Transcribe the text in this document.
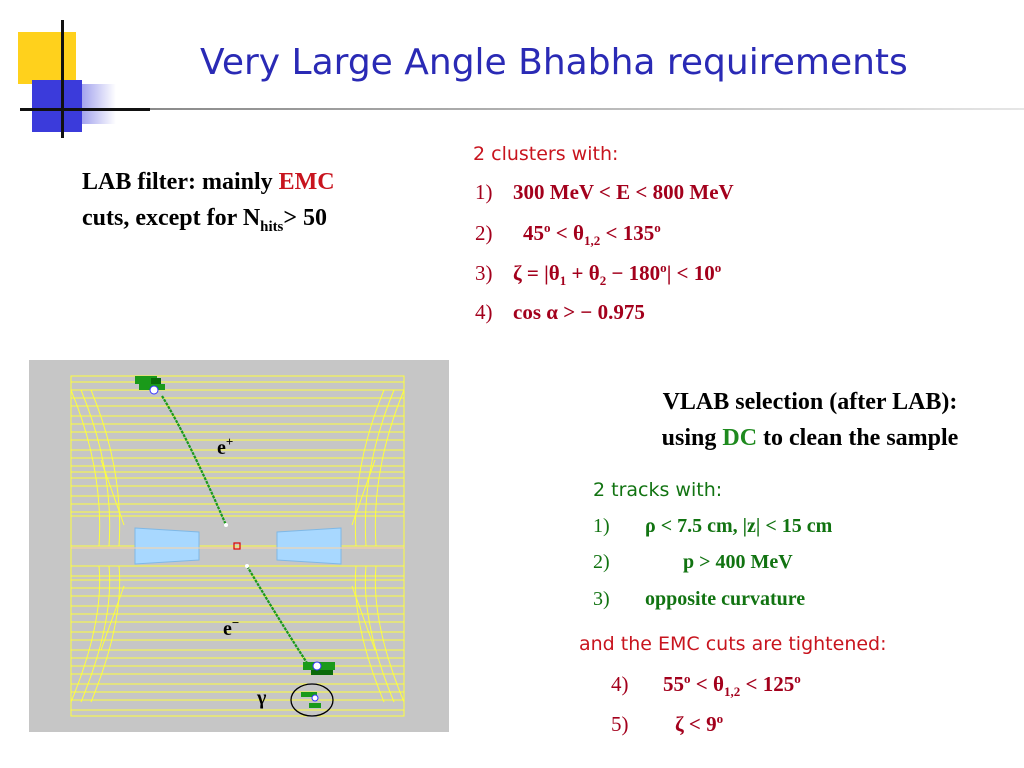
Very Large Angle Bhabha requirements
LAB filter: mainly EMC
cuts, except for $N_{hits}> 50$
2 clusters with:
1) 300 MeV < E < 800 MeV
2) $45^o < \theta_{1,2} < 135^o$
3) $\zeta = |\theta_1 + \theta_2 - 180^o| < 10^o$
4) cos α > − 0.975
e+
e−
γ
VLAB selection (after LAB):
using DC to clean the sample
2 tracks with:
1) ρ < 7.5 cm, |z| < 15 cm
2)	p > 400 MeV
3) opposite curvature
and the EMC cuts are tightened:
4) $55^o < \theta_{1,2} < 125^o$
5) $\zeta < 9^o$
